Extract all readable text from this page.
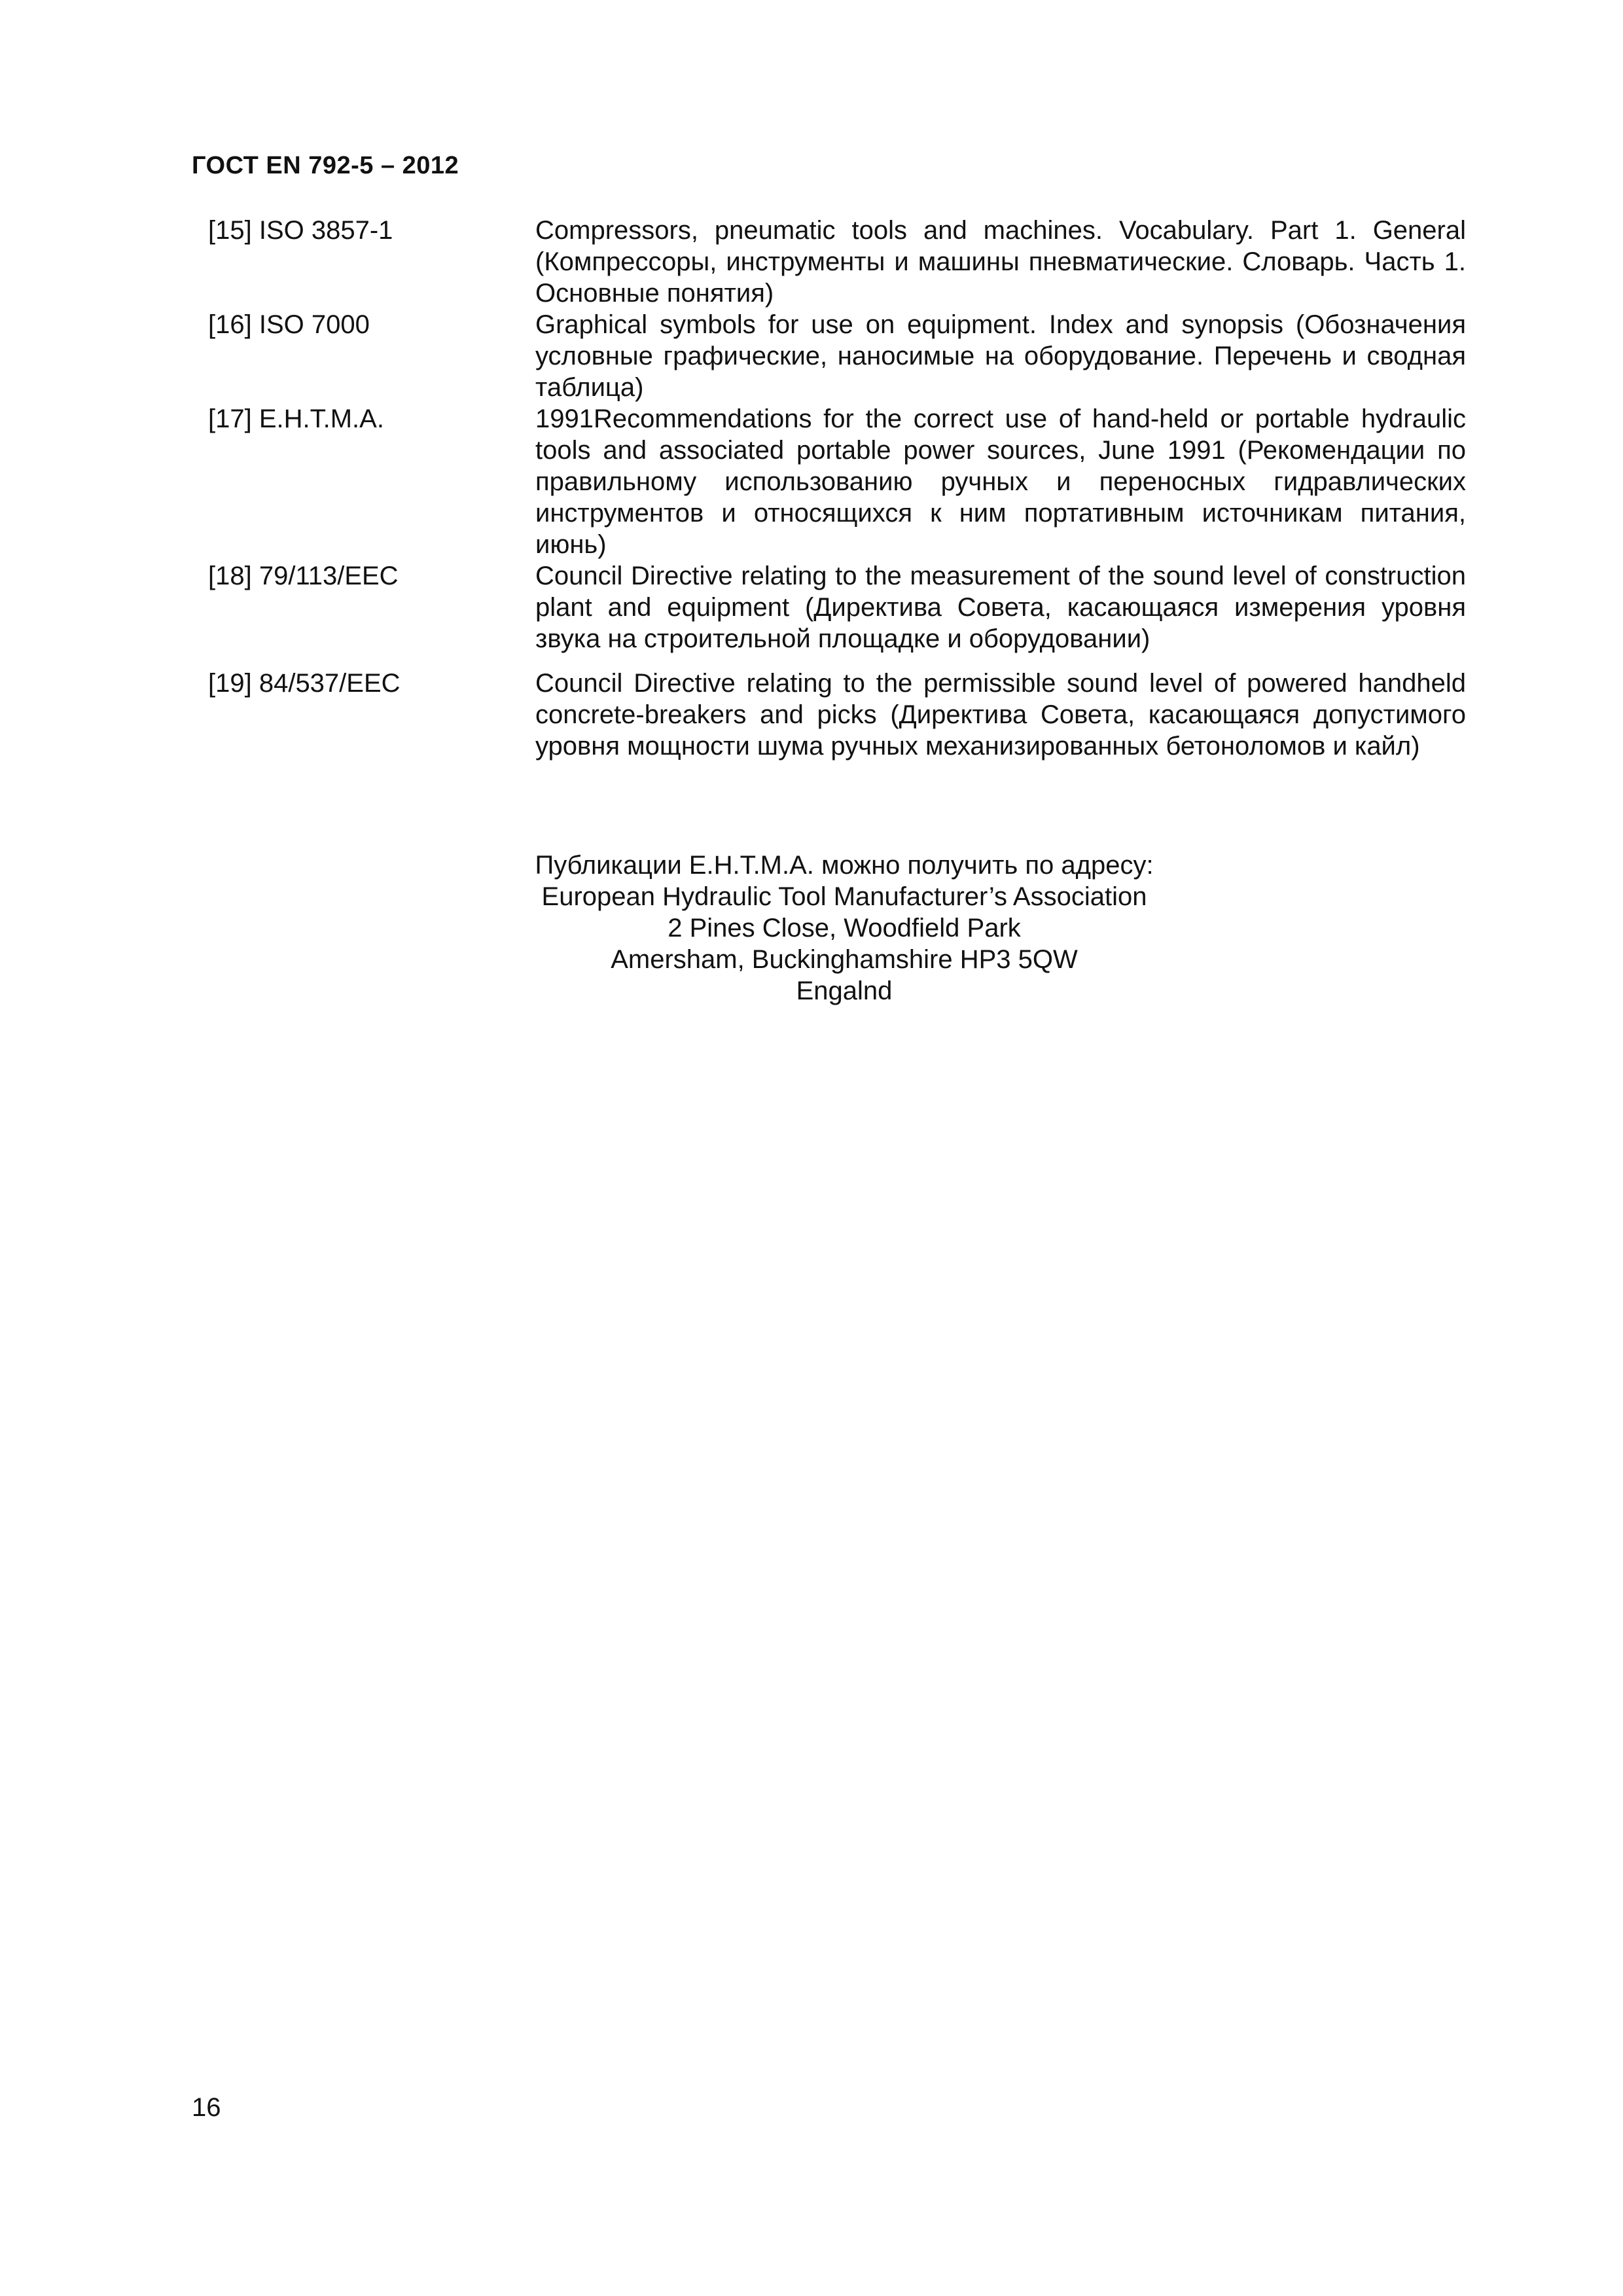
ГОСТ EN 792-5 – 2012
[15] ISO 3857-1	Compressors, pneumatic tools and machines. Vocabulary. Part 1. General (Компрессоры, инструменты и машины пневматические. Словарь. Часть 1. Основные понятия)
[16] ISO 7000	Graphical symbols for use on equipment. Index and synopsis (Обозначения условные графические, наносимые на оборудование. Перечень и сводная таблица)
[17] E.H.T.M.A.	1991Recommendations for the correct use of hand-held or portable hydraulic tools and associated portable power sources, June 1991 (Рекомендации по правильному использованию ручных и переносных гидравлических инструментов и относящихся к ним портативным источникам питания, июнь)
[18] 79/113/EEC	Council Directive relating to the measurement of the sound level of construction plant and equipment (Директива Совета, касающаяся измерения уровня звука на строительной площадке и оборудовании)
[19] 84/537/EEC	Council Directive relating to the permissible sound level of powered handheld concrete-breakers and picks (Директива Совета, касающаяся допустимого уровня мощности шума ручных механизированных бетоноломов и кайл)
Публикации E.H.T.M.A. можно получить по адресу:
European Hydraulic Tool Manufacturer’s Association
2 Pines Close, Woodfield Park
Amersham, Buckinghamshire HP3 5QW
Engalnd
16
